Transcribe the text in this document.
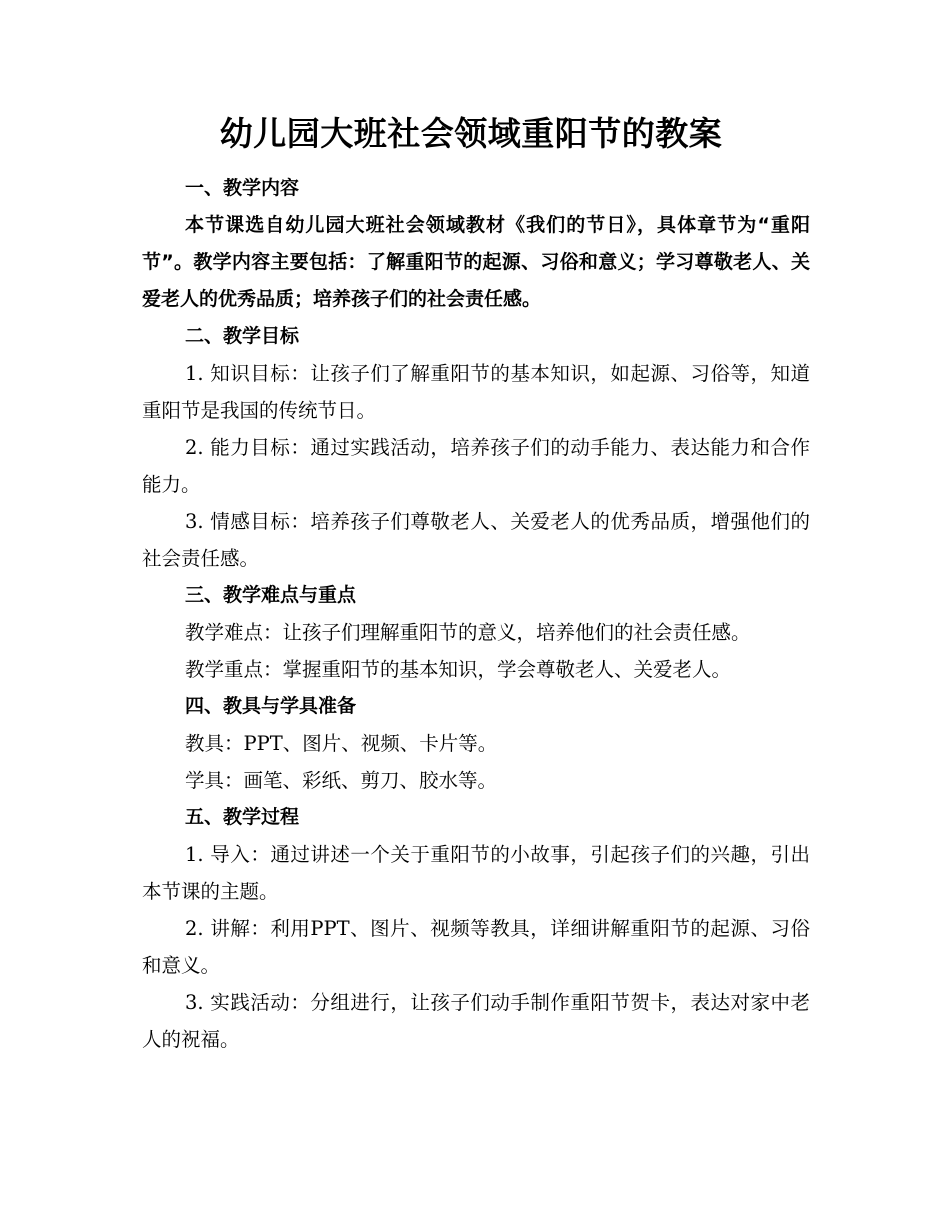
幼儿园大班社会领域重阳节的教案

一、教学内容

本节课选自幼儿园大班社会领域教材《我们的节日》，具体章节为“重阳节”。教学内容主要包括：了解重阳节的起源、习俗和意义；学习尊敬老人、关爱老人的优秀品质；培养孩子们的社会责任感。

二、教学目标

1. 知识目标：让孩子们了解重阳节的基本知识，如起源、习俗等，知道重阳节是我国的传统节日。

2. 能力目标：通过实践活动，培养孩子们的动手能力、表达能力和合作能力。

3. 情感目标：培养孩子们尊敬老人、关爱老人的优秀品质，增强他们的社会责任感。

三、教学难点与重点

教学难点：让孩子们理解重阳节的意义，培养他们的社会责任感。

教学重点：掌握重阳节的基本知识，学会尊敬老人、关爱老人。

四、教具与学具准备

教具：PPT、图片、视频、卡片等。

学具：画笔、彩纸、剪刀、胶水等。

五、教学过程

1. 导入：通过讲述一个关于重阳节的小故事，引起孩子们的兴趣，引出本节课的主题。

2. 讲解：利用PPT、图片、视频等教具，详细讲解重阳节的起源、习俗和意义。

3. 实践活动：分组进行，让孩子们动手制作重阳节贺卡，表达对家中老人的祝福。
